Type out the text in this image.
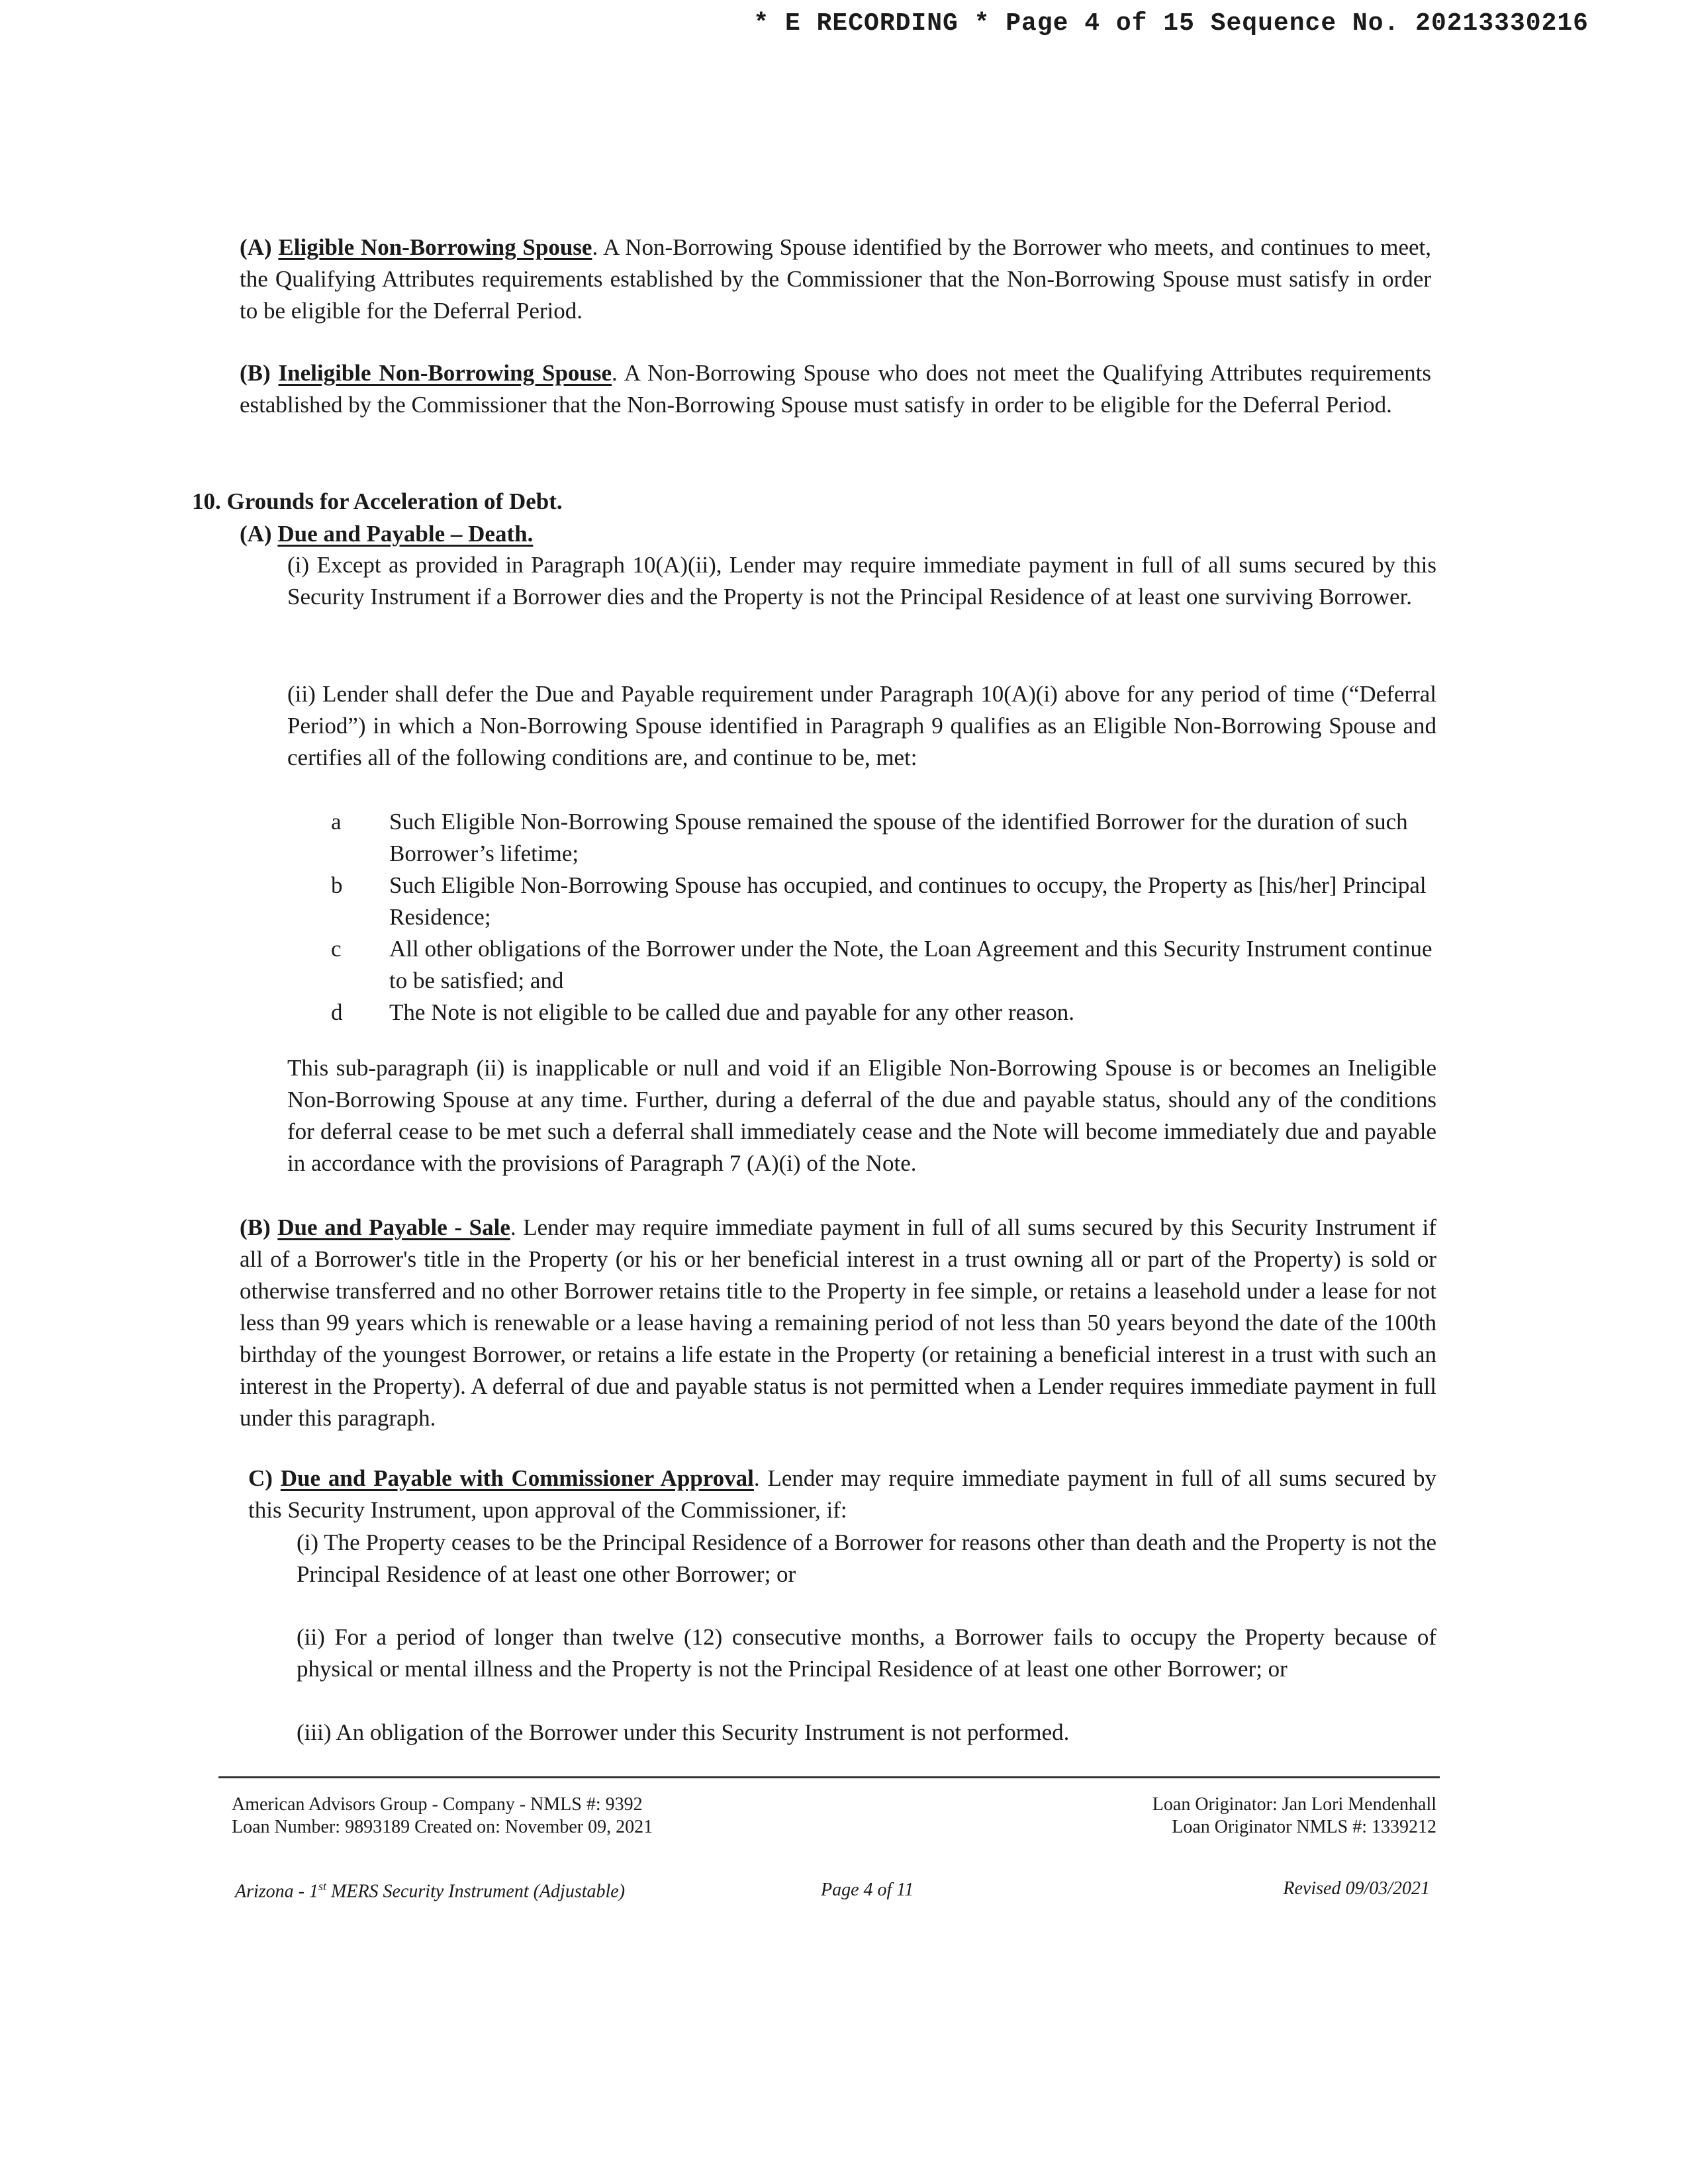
* E RECORDING * Page 4 of 15 Sequence No. 20213330216

(A) Eligible Non-Borrowing Spouse. A Non-Borrowing Spouse identified by the Borrower who meets, and continues to meet, the Qualifying Attributes requirements established by the Commissioner that the Non-Borrowing Spouse must satisfy in order to be eligible for the Deferral Period.

(B) Ineligible Non-Borrowing Spouse. A Non-Borrowing Spouse who does not meet the Qualifying Attributes requirements established by the Commissioner that the Non-Borrowing Spouse must satisfy in order to be eligible for the Deferral Period.

10. Grounds for Acceleration of Debt.
(A) Due and Payable – Death.

(i) Except as provided in Paragraph 10(A)(ii), Lender may require immediate payment in full of all sums secured by this Security Instrument if a Borrower dies and the Property is not the Principal Residence of at least one surviving Borrower.

(ii) Lender shall defer the Due and Payable requirement under Paragraph 10(A)(i) above for any period of time (“Deferral Period”) in which a Non-Borrowing Spouse identified in Paragraph 9 qualifies as an Eligible Non-Borrowing Spouse and certifies all of the following conditions are, and continue to be, met:

a Such Eligible Non-Borrowing Spouse remained the spouse of the identified Borrower for the duration of such Borrower’s lifetime;
b Such Eligible Non-Borrowing Spouse has occupied, and continues to occupy, the Property as [his/her] Principal Residence;
c All other obligations of the Borrower under the Note, the Loan Agreement and this Security Instrument continue to be satisfied; and
d The Note is not eligible to be called due and payable for any other reason.

This sub-paragraph (ii) is inapplicable or null and void if an Eligible Non-Borrowing Spouse is or becomes an Ineligible Non-Borrowing Spouse at any time. Further, during a deferral of the due and payable status, should any of the conditions for deferral cease to be met such a deferral shall immediately cease and the Note will become immediately due and payable in accordance with the provisions of Paragraph 7 (A)(i) of the Note.

(B) Due and Payable - Sale. Lender may require immediate payment in full of all sums secured by this Security Instrument if all of a Borrower's title in the Property (or his or her beneficial interest in a trust owning all or part of the Property) is sold or otherwise transferred and no other Borrower retains title to the Property in fee simple, or retains a leasehold under a lease for not less than 99 years which is renewable or a lease having a remaining period of not less than 50 years beyond the date of the 100th birthday of the youngest Borrower, or retains a life estate in the Property (or retaining a beneficial interest in a trust with such an interest in the Property). A deferral of due and payable status is not permitted when a Lender requires immediate payment in full under this paragraph.

C) Due and Payable with Commissioner Approval. Lender may require immediate payment in full of all sums secured by this Security Instrument, upon approval of the Commissioner, if:

(i) The Property ceases to be the Principal Residence of a Borrower for reasons other than death and the Property is not the Principal Residence of at least one other Borrower; or

(ii) For a period of longer than twelve (12) consecutive months, a Borrower fails to occupy the Property because of physical or mental illness and the Property is not the Principal Residence of at least one other Borrower; or

(iii) An obligation of the Borrower under this Security Instrument is not performed.

American Advisors Group - Company - NMLS #: 9392
Loan Number: 9893189 Created on: November 09, 2021
Loan Originator: Jan Lori Mendenhall
Loan Originator NMLS #: 1339212
Arizona - 1st MERS Security Instrument (Adjustable)	Page 4 of 11	Revised 09/03/2021
